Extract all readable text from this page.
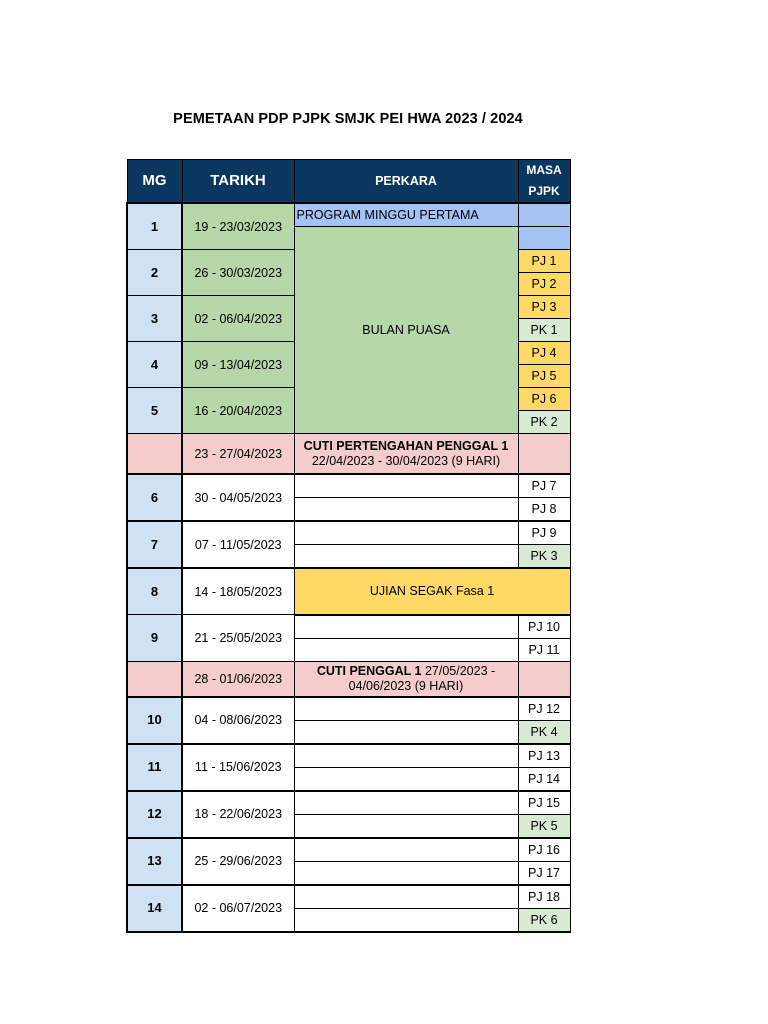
PEMETAAN PDP PJPK SMJK PEI HWA 2023 / 2024
MG	TARIKH	PERKARA	MASA
PJPK
1	19 - 23/03/2023	PROGRAM MINGGU PERTAMA	
		BULAN PUASA	
2	26 - 30/03/2023		PJ 1
			PJ 2
3	02 - 06/04/2023		PJ 3
			PK 1
4	09 - 13/04/2023		PJ 4
			PJ 5
5	16 - 20/04/2023		PJ 6
			PK 2
	23 - 27/04/2023	CUTI PERTENGAHAN PENGGAL 1
22/04/2023 - 30/04/2023 (9 HARI)	
6	30 - 04/05/2023		PJ 7
			PJ 8
7	07 - 11/05/2023		PJ 9
			PK 3
8	14 - 18/05/2023	UJIAN SEGAK Fasa 1	
9	21 - 25/05/2023		PJ 10
			PJ 11
	28 - 01/06/2023	CUTI PENGGAL 1 27/05/2023 - 04/06/2023 (9 HARI)	
10	04 - 08/06/2023		PJ 12
			PK 4
11	11 - 15/06/2023		PJ 13
			PJ 14
12	18 - 22/06/2023		PJ 15
			PK 5
13	25 - 29/06/2023		PJ 16
			PJ 17
14	02 - 06/07/2023		PJ 18
			PK 6
